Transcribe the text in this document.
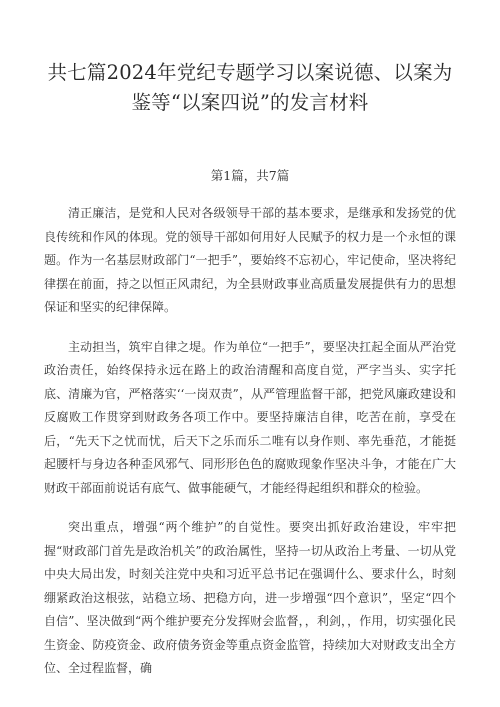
共七篇2024年党纪专题学习以案说德、以案为鉴等“以案四说”的发言材料
第1篇，共7篇

清正廉洁，是党和人民对各级领导干部的基本要求，是继承和发扬党的优良传统和作风的体现。党的领导干部如何用好人民赋予的权力是一个永恒的课题。作为一名基层财政部门“一把手”，要始终不忘初心，牢记使命，坚决将纪律摆在前面，持之以恒正风肃纪，为全县财政事业高质量发展提供有力的思想保证和坚实的纪律保障。

主动担当，筑牢自律之堤。作为单位“一把手”，要坚决扛起全面从严治党政治责任，始终保持永远在路上的政治清醒和高度自觉，严字当头、实字托底、清廉为官，严格落实‘‘一岗双责”，从严管理监督干部，把党风廉政建设和反腐败工作贯穿到财政务各项工作中。要坚持廉洁自律，吃苦在前，享受在后，“先天下之忧而忧，后天下之乐而乐二唯有以身作则、率先垂范，才能挺起腰杆与身边各种歪风邪气、同形形色色的腐败现象作坚决斗争，才能在广大财政干部面前说话有底气、做事能硬气，才能经得起组织和群众的检验。

突出重点，增强“两个维护”的自觉性。要突出抓好政治建设，牢牢把握“财政部门首先是政治机关”的政治属性，坚持一切从政治上考量、一切从党中央大局出发，时刻关注党中央和习近平总书记在强调什么、要求什么，时刻绷紧政治这根弦，站稳立场、把稳方向，进一步增强“四个意识”，坚定“四个自信”、坚决做到“两个维护要充分发挥财会监督，，利剑，，作用，切实强化民生资金、防疫资金、政府债务资金等重点资金监管，持续加大对财政支出全方位、全过程监督，确
